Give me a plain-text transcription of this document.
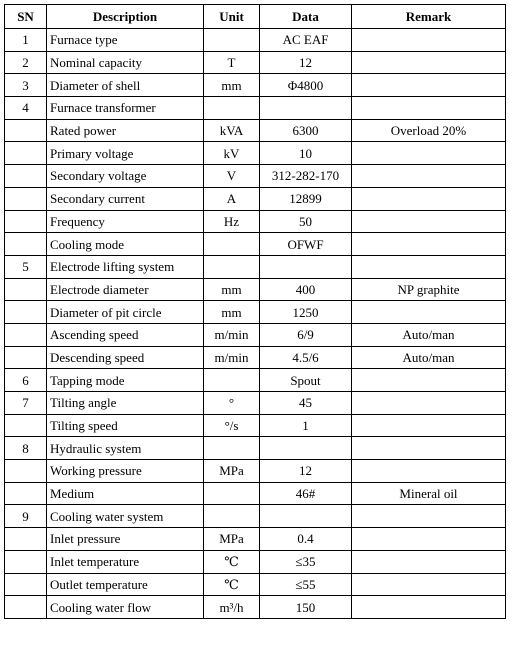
SN	Description	Unit	Data	Remark
1	Furnace type		AC EAF	
2	Nominal capacity	T	12	
3	Diameter of shell	mm	Φ4800	
4	Furnace transformer			
	Rated power	kVA	6300	Overload 20%
	Primary voltage	kV	10	
	Secondary voltage	V	312-282-170	
	Secondary current	A	12899	
	Frequency	Hz	50	
	Cooling mode		OFWF	
5	Electrode lifting system			
	Electrode diameter	mm	400	NP graphite
	Diameter of pit circle	mm	1250	
	Ascending speed	m/min	6/9	Auto/man
	Descending speed	m/min	4.5/6	Auto/man
6	Tapping mode		Spout	
7	Tilting angle	°	45	
	Tilting speed	°/s	1	
8	Hydraulic system			
	Working pressure	MPa	12	
	Medium		46#	Mineral oil
9	Cooling water system			
	Inlet pressure	MPa	0.4	
	Inlet temperature	℃	≤35	
	Outlet temperature	℃	≤55	
	Cooling water flow	m³/h	150	
